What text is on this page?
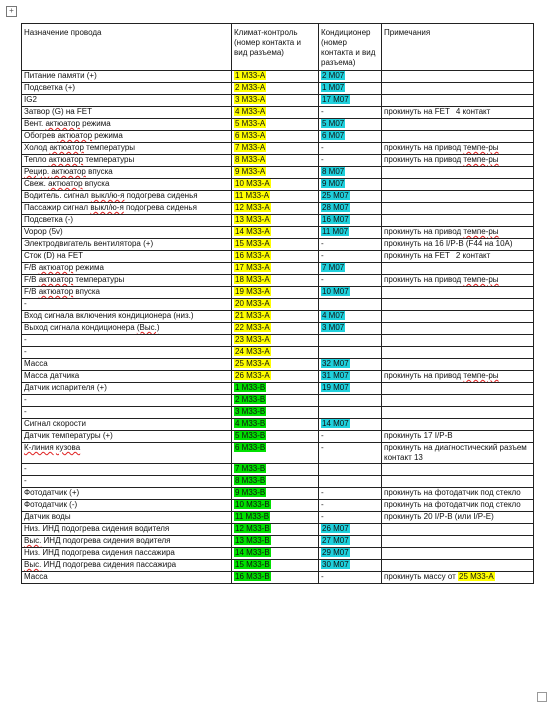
+
Назначение провода	Климат-контроль (номер контакта и вид разъема)	Кондиционер (номер контакта и вид разъема)	Примечания
Питание памяти (+)	1 M33-A	2 M07	
Подсветка (+)	2 M33-A	1 M07	
IG2	3 M33-A	17 M07	
Затвор (G) на FET	4 M33-A	-	прокинуть на FET 4 контакт
Вент. актюатор режима	5 M33-A	5 M07	
Обогрев актюатор режима	6 M33-A	6 M07	
Холод актюатор температуры	7 M33-A	-	прокинуть на привод темпе-ры
Тепло актюатор температуры	8 M33-A	-	прокинуть на привод темпе-ры
Рецир. актюатор впуска	9 M33-A	8 M07	
Свеж. актюатор впуска	10 M33-A	9 M07	
Водитель. сигнал выкл/ю-я подогрева сиденья	11 M33-A	25 M07	
Пассажир сигнал выкл/ю-я подогрева сиденья	12 M33-A	28 M07	
Подсветка (-)	13 M33-A	16 M07	
Vopop (5v)	14 M33-A	11 M07	прокинуть на привод темпе-ры
Электродвигатель вентилятора (+)	15 M33-A	-	прокинуть на 16 I/P-B (F44 на 10A)
Сток (D) на FET	16 M33-A	-	прокинуть на FET 2 контакт
F/B актюатор режима	17 M33-A	7 M07	
F/B актюатор температуры	18 M33-A	-	прокинуть на привод темпе-ры
F/B актюатор впуска	19 M33-A	10 M07	
-	20 M33-A		
Вход сигнала включения кондиционера (низ.)	21 M33-A	4 M07	
Выход сигнала кондиционера (Выс.)	22 M33-A	3 M07	
-	23 M33-A		
-	24 M33-A		
Масса	25 M33-A	32 M07	
Масса датчика	26 M33-A	31 M07	прокинуть на привод темпе-ры
Датчик испарителя (+)	1 M33-B	19 M07	
-	2 M33-B		
-	3 M33-B		
Сигнал скорости	4 M33-B	14 M07	
Датчик температуры (+)	5 M33-B	-	прокинуть 17 I/P-B
К-линия кузова	6 M33-B	-	прокинуть на диагностический разъем контакт 13
-	7 M33-B		
-	8 M33-B		
Фотодатчик (+)	9 M33-B	-	прокинуть на фотодатчик под стекло
Фотодатчик (-)	10 M33-B	-	прокинуть на фотодатчик под стекло
Датчик воды	11 M33-B	-	прокинуть 20 I/P-B (или I/P-E)
Низ. ИНД подогрева сидения водителя	12 M33-B	26 M07	
Выс. ИНД подогрева сидения водителя	13 M33-B	27 M07	
Низ. ИНД подогрева сидения пассажира	14 M33-B	29 M07	
Выс. ИНД подогрева сидения пассажира	15 M33-B	30 M07	
Масса	16 M33-B	-	прокинуть массу от 25 M33-A
